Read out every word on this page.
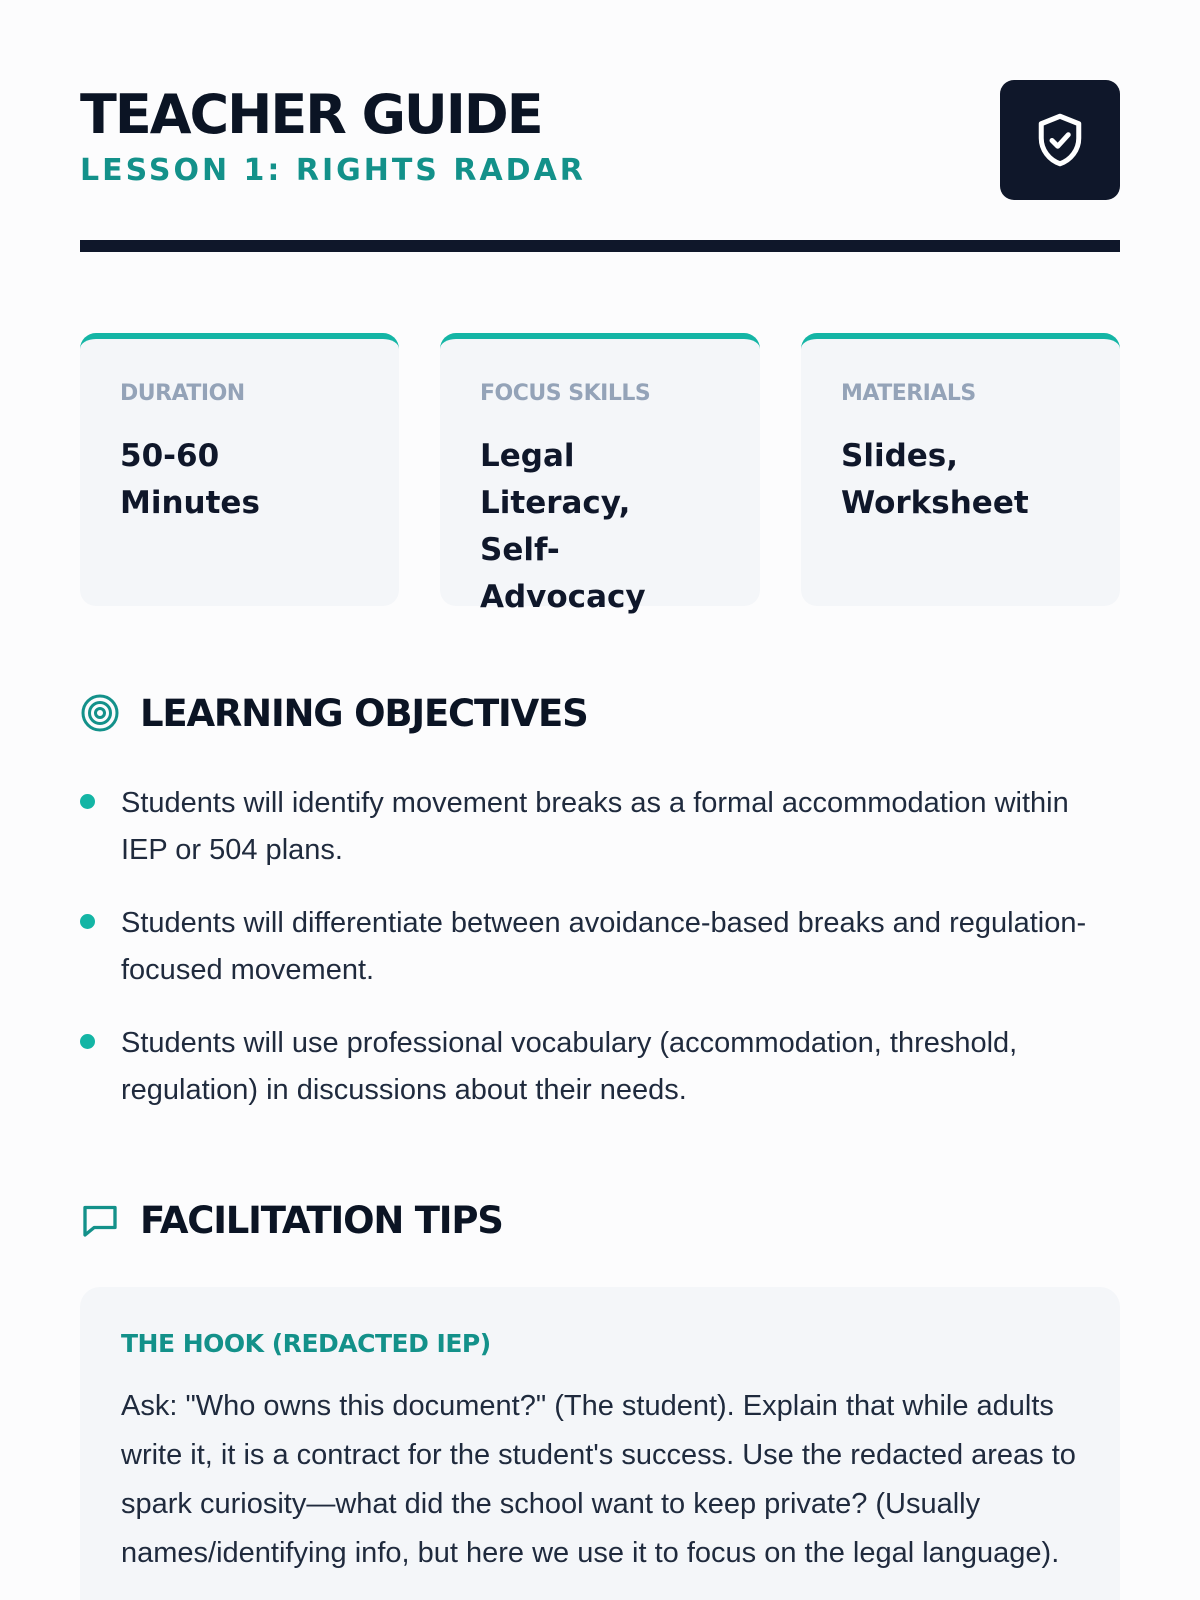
TEACHER GUIDE
LESSON 1: RIGHTS RADAR
DURATION
50-60 Minutes
FOCUS SKILLS
Legal Literacy, Self-Advocacy
MATERIALS
Slides, Worksheet
LEARNING OBJECTIVES
Students will identify movement breaks as a formal accommodation within IEP or 504 plans.
Students will differentiate between avoidance-based breaks and regulation-focused movement.
Students will use professional vocabulary (accommodation, threshold, regulation) in discussions about their needs.
FACILITATION TIPS
THE HOOK (REDACTED IEP)
Ask: "Who owns this document?" (The student). Explain that while adults write it, it is a contract for the student's success. Use the redacted areas to spark curiosity—what did the school want to keep private? (Usually names/identifying info, but here we use it to focus on the legal language).
